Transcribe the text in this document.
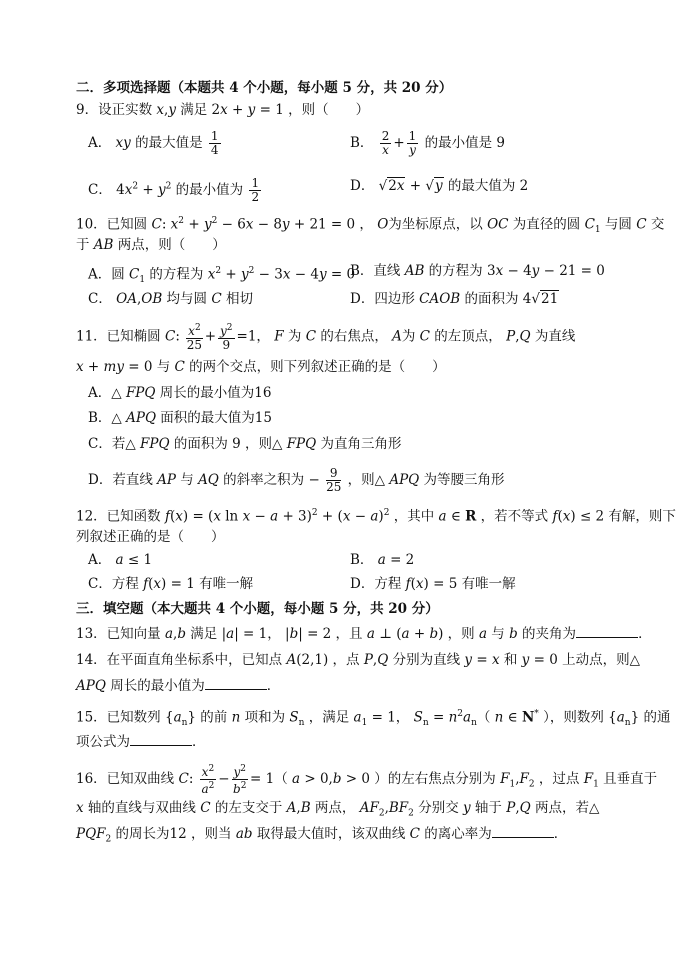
二．多项选择题（本题共 4 个小题，每小题 5 分，共 20 分）
9．设正实数 x,y 满足 2x + y = 1 ，则（　　）
A． xy 的最大值是 $\frac{1}{4}$	B． $\frac{2}{x} + \frac{1}{y}$ 的最小值是 9
C． $4x^2 + y^2$ 的最小值为 $\frac{1}{2}$	D． √2x + √y 的最大值为 2
10．已知圆 C: $x^2 + y^2 - 6x - 8y + 21 = 0$ ， O为坐标原点，以 OC 为直径的圆 $C_1$ 与圆 C 交
于 AB 两点，则（　　）
A．圆 $C_1$ 的方程为 $x^2 + y^2 - 3x - 4y = 0$
B．直线 AB 的方程为 3x − 4y − 21 = 0
C． OA,OB 均与圆 C 相切	D．四边形 CAOB 的面积为 4√21
11．已知椭圆 C: $\frac{x^2}{25} + \frac{y^2}{9} =1$， F 为 C 的右焦点， A为 C 的左顶点， P,Q 为直线
x + my = 0 与 C 的两个交点，则下列叙述正确的是（　　）
A．△ FPQ 周长的最小值为16
B．△ APQ 面积的最大值为15
C．若△ FPQ 的面积为 9 ，则△ FPQ 为直角三角形
D．若直线 AP 与 AQ 的斜率之积为 − $\frac{9}{25}$ ，则△ APQ 为等腰三角形
12．已知函数 f(x) = (x $\ln x - a + 3)^2 + (x - a)^2$ ，其中 a ∈ R ，若不等式 f(x) ≤ 2 有解，则下
列叙述正确的是（　　）
A． a ≤ 1	B． a = 2
C．方程 f(x) = 1 有唯一解	D．方程 f(x) = 5 有唯一解
三．填空题（本大题共 4 个小题，每小题 5 分，共 20 分）
13．已知向量 a,b 满足 |a| = 1， |b| = 2 ，且 a ⊥ (a + b) ，则 a 与 b 的夹角为	．
14．在平面直角坐标系中，已知点 A(2,1) ，点 P,Q 分别为直线 y = x 和 y = 0 上动点，则△
APQ 周长的最小值为	．
15．已知数列 $\{a_n\}$ 的前 n 项和为 $S_n$ ，满足 $a_1 = 1$， $S_n = n^2a_n$（ n ∈ N* ），则数列 $\{a_n\}$ 的通
项公式为	．
16．已知双曲线 C: $\frac{x^2}{a^2} - \frac{y^2}{b^2} = 1$（ a > 0,b > 0 ）的左右焦点分别为 $F_1,F_2$ ，过点 $F_1$ 且垂直于
x 轴的直线与双曲线 C 的左支交于 A,B 两点， $AF_2,BF_2$ 分别交 y 轴于 P,Q 两点，若△
$PQF_2$ 的周长为12 ，则当 ab 取得最大值时，该双曲线 C 的离心率为	．
